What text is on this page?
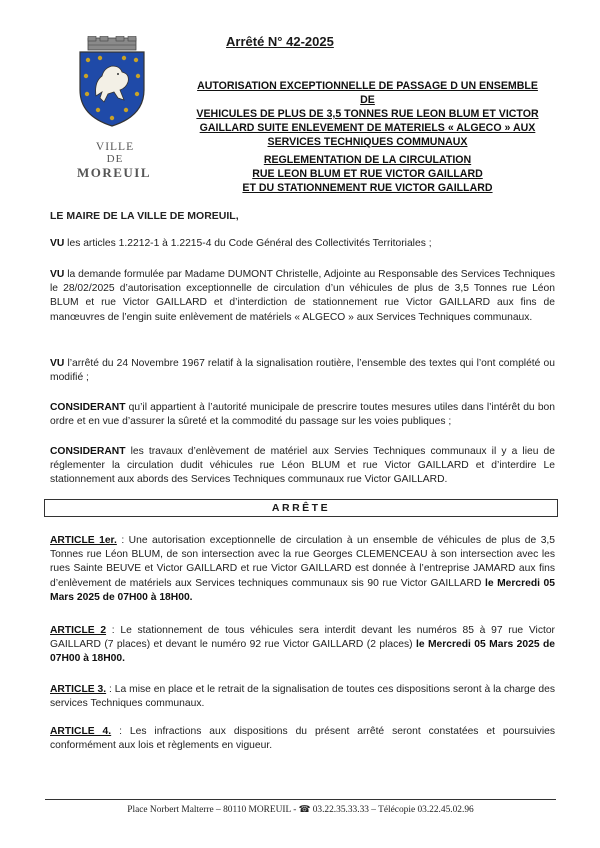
VILLE
DE
MOREUIL
Arrêté N° 42-2025
AUTORISATION EXCEPTIONNELLE DE PASSAGE D UN ENSEMBLE DE
VEHICULES DE PLUS DE 3,5 TONNES RUE LEON BLUM ET VICTOR
GAILLARD SUITE ENLEVEMENT DE MATERIELS « ALGECO » AUX
SERVICES TECHNIQUES COMMUNAUX
REGLEMENTATION DE LA CIRCULATION
RUE LEON BLUM ET RUE VICTOR GAILLARD
ET DU STATIONNEMENT RUE VICTOR GAILLARD
LE MAIRE DE LA VILLE DE MOREUIL,
VU les articles 1.2212-1 à 1.2215-4 du Code Général des Collectivités Territoriales ;
VU la demande formulée par Madame DUMONT Christelle, Adjointe au Responsable des Services Techniques le 28/02/2025 d’autorisation exceptionnelle de circulation d’un véhicules de plus de 3,5 Tonnes rue Léon BLUM et rue Victor GAILLARD et d’interdiction de stationnement rue Victor GAILLARD aux fins de manœuvres de l’engin suite enlèvement de matériels « ALGECO » aux Services Techniques communaux.
VU l’arrêté du 24 Novembre 1967 relatif à la signalisation routière, l’ensemble des textes qui l’ont complété ou modifié ;
CONSIDERANT qu’il appartient à l’autorité municipale de prescrire toutes mesures utiles dans l’intérêt du bon ordre et en vue d’assurer la sûreté et la commodité du passage sur les voies publiques ;
CONSIDERANT les travaux d’enlèvement de matériel aux Servies Techniques communaux il y a lieu de réglementer la circulation dudit véhicules rue Léon BLUM et rue Victor GAILLARD et d’interdire Le stationnement aux abords des Services Techniques communaux rue Victor GAILLARD.
ARRÊTE
ARTICLE 1er. : Une autorisation exceptionnelle de circulation à un ensemble de véhicules de plus de 3,5 Tonnes rue Léon BLUM, de son intersection avec la rue Georges CLEMENCEAU à son intersection avec les rues Sainte BEUVE et Victor GAILLARD et rue Victor GAILLARD est donnée à l’entreprise JAMARD aux fins d’enlèvement de matériels aux Services techniques communaux sis 90 rue Victor GAILLARD le Mercredi 05 Mars 2025 de 07H00 à 18H00.
ARTICLE 2 : Le stationnement de tous véhicules sera interdit devant les numéros 85 à 97 rue Victor GAILLARD (7 places) et devant le numéro 92 rue Victor GAILLARD (2 places) le Mercredi 05 Mars 2025 de 07H00 à 18H00.
ARTICLE 3. : La mise en place et le retrait de la signalisation de toutes ces dispositions seront à la charge des services Techniques communaux.
ARTICLE 4. : Les infractions aux dispositions du présent arrêté seront constatées et poursuivies conformément aux lois et règlements en vigueur.
Place Norbert Malterre – 80110 MOREUIL - ☎ 03.22.35.33.33 – Télécopie 03.22.45.02.96
